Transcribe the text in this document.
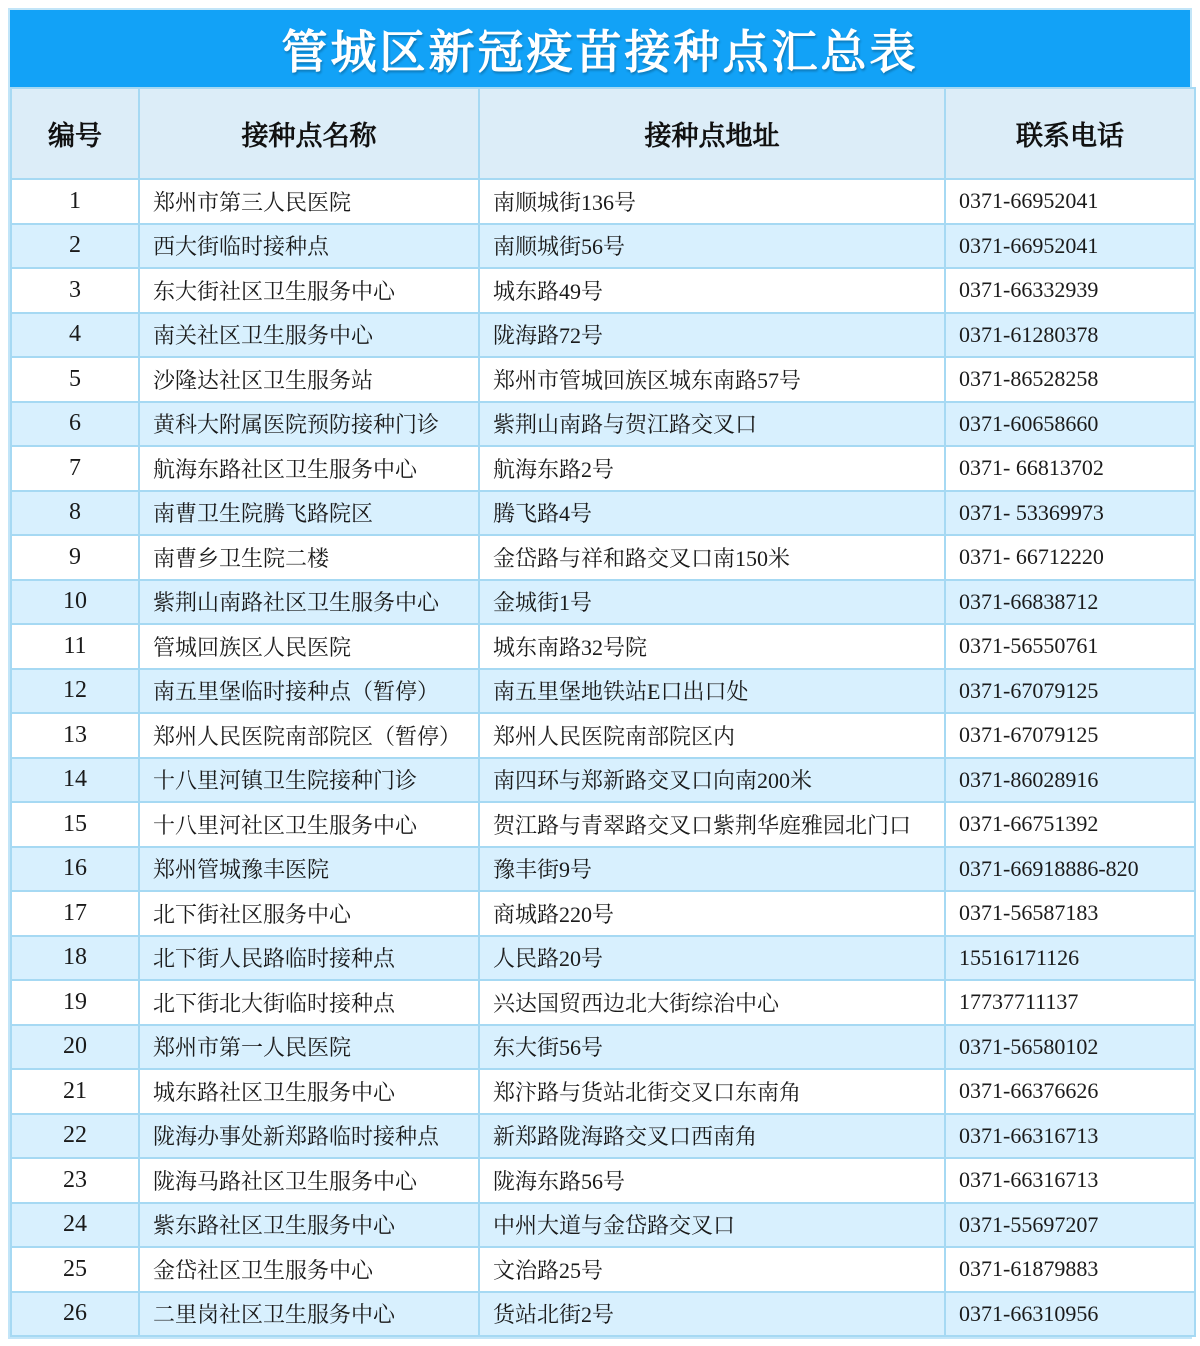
管城区新冠疫苗接种点汇总表
编号	接种点名称	接种点地址	联系电话
1	郑州市第三人民医院	南顺城街136号	0371-66952041
2	西大街临时接种点	南顺城街56号	0371-66952041
3	东大街社区卫生服务中心	城东路49号	0371-66332939
4	南关社区卫生服务中心	陇海路72号	0371-61280378
5	沙隆达社区卫生服务站	郑州市管城回族区城东南路57号	0371-86528258
6	黄科大附属医院预防接种门诊	紫荆山南路与贺江路交叉口	0371-60658660
7	航海东路社区卫生服务中心	航海东路2号	0371- 66813702
8	南曹卫生院腾飞路院区	腾飞路4号	0371- 53369973
9	南曹乡卫生院二楼	金岱路与祥和路交叉口南150米	0371- 66712220
10	紫荆山南路社区卫生服务中心	金城街1号	0371-66838712
11	管城回族区人民医院	城东南路32号院	0371-56550761
12	南五里堡临时接种点（暂停）	南五里堡地铁站E口出口处	0371-67079125
13	郑州人民医院南部院区（暂停）	郑州人民医院南部院区内	0371-67079125
14	十八里河镇卫生院接种门诊	南四环与郑新路交叉口向南200米	0371-86028916
15	十八里河社区卫生服务中心	贺江路与青翠路交叉口紫荆华庭雅园北门口	0371-66751392
16	郑州管城豫丰医院	豫丰街9号	0371-66918886-820
17	北下街社区服务中心	商城路220号	0371-56587183
18	北下街人民路临时接种点	人民路20号	15516171126
19	北下街北大街临时接种点	兴达国贸西边北大街综治中心	17737711137
20	郑州市第一人民医院	东大街56号	0371-56580102
21	城东路社区卫生服务中心	郑汴路与货站北街交叉口东南角	0371-66376626
22	陇海办事处新郑路临时接种点	新郑路陇海路交叉口西南角	0371-66316713
23	陇海马路社区卫生服务中心	陇海东路56号	0371-66316713
24	紫东路社区卫生服务中心	中州大道与金岱路交叉口	0371-55697207
25	金岱社区卫生服务中心	文治路25号	0371-61879883
26	二里岗社区卫生服务中心	货站北街2号	0371-66310956
